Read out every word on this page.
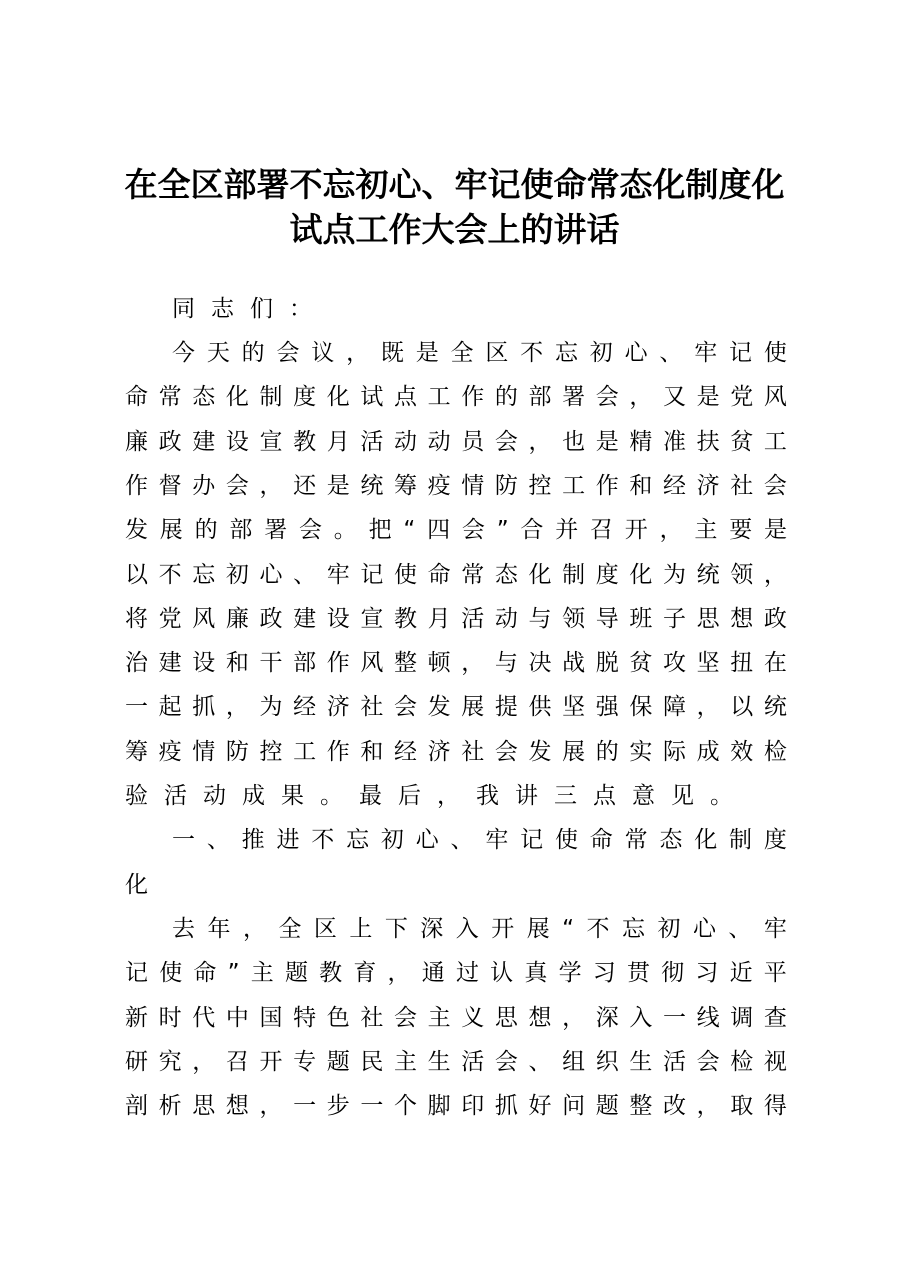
在全区部署不忘初心、牢记使命常态化制度化
试点工作大会上的讲话
同 志 们 ：
今 天 的 会 议 ， 既 是 全 区 不 忘 初 心 、 牢 记 使
命 常 态 化 制 度 化 试 点 工 作 的 部 署 会 ， 又 是 党 风
廉 政 建 设 宣 教 月 活 动 动 员 会 ， 也 是 精 准 扶 贫 工
作 督 办 会 ， 还 是 统 筹 疫 情 防 控 工 作 和 经 济 社 会
发 展 的 部 署 会 。 把 “ 四 会 ” 合 并 召 开 ， 主 要 是
以 不 忘 初 心 、 牢 记 使 命 常 态 化 制 度 化 为 统 领 ，
将 党 风 廉 政 建 设 宣 教 月 活 动 与 领 导 班 子 思 想 政
治 建 设 和 干 部 作 风 整 顿 ， 与 决 战 脱 贫 攻 坚 扭 在
一 起 抓 ， 为 经 济 社 会 发 展 提 供 坚 强 保 障 ， 以 统
筹 疫 情 防 控 工 作 和 经 济 社 会 发 展 的 实 际 成 效 检
验 活 动 成 果 。 最 后 ， 我 讲 三 点 意 见 。
一 、 推 进 不 忘 初 心 、 牢 记 使 命 常 态 化 制 度
化
去 年 ， 全 区 上 下 深 入 开 展 “ 不 忘 初 心 、 牢
记 使 命 ” 主 题 教 育 ， 通 过 认 真 学 习 贯 彻 习 近 平
新 时 代 中 国 特 色 社 会 主 义 思 想 ， 深 入 一 线 调 查
研 究 ， 召 开 专 题 民 主 生 活 会 、 组 织 生 活 会 检 视
剖 析 思 想 ， 一 步 一 个 脚 印 抓 好 问 题 整 改 ， 取 得
